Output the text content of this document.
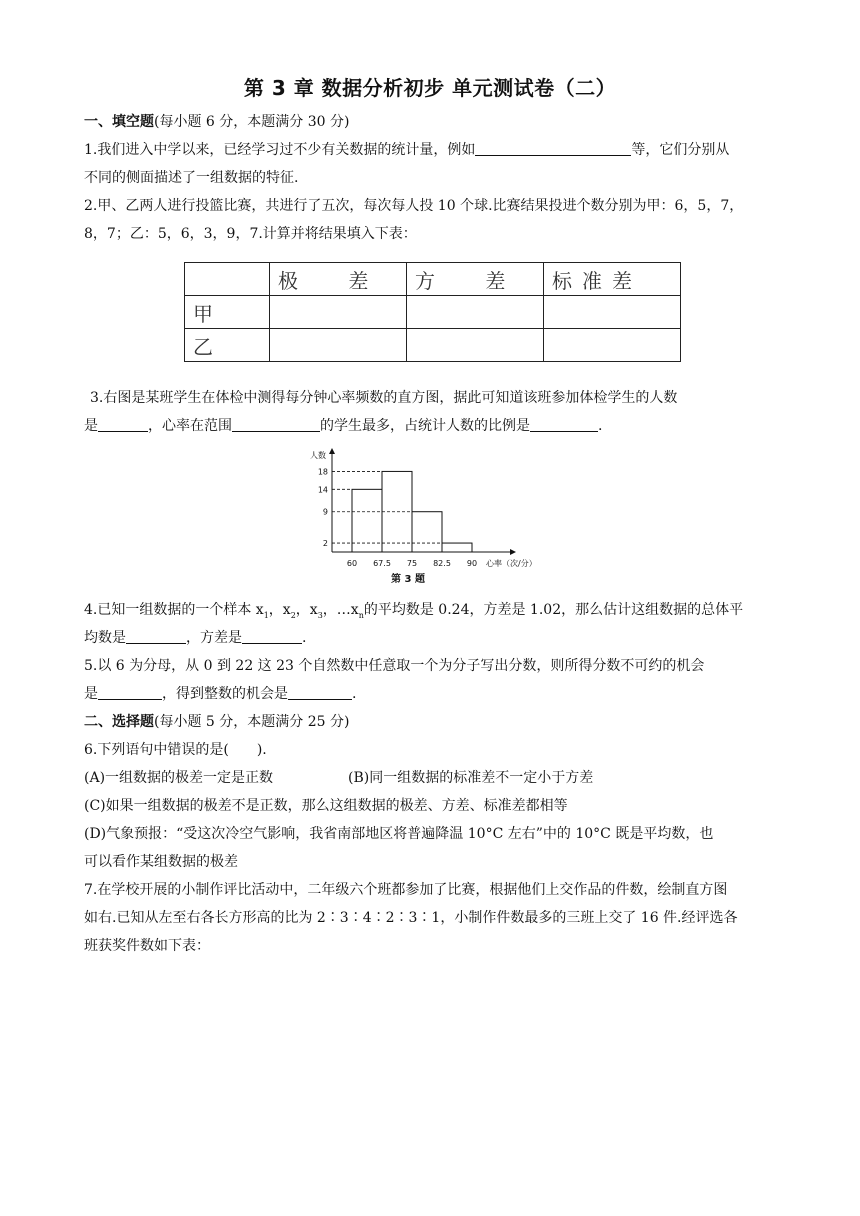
第 3 章 数据分析初步 单元测试卷（二）
一、填空题(每小题 6 分，本题满分 30 分)
1.我们进入中学以来，已经学习过不少有关数据的统计量，例如	等，它们分别从
不同的侧面描述了一组数据的特征.
2.甲、乙两人进行投篮比赛，共进行了五次，每次每人投 10 个球.比赛结果投进个数分别为甲：6，5，7，
8，7；乙：5，6，3，9，7.计算并将结果填入下表：
	极 差	方 差	标准差
甲			
乙			
3.右图是某班学生在体检中测得每分钟心率频数的直方图，据此可知道该班参加体检学生的人数
是	，心率在范围	的学生最多，占统计人数的比例是	.
2
9
14
18
60 67.5 75 82.5 90
人数
心率（次/分）
第 3 题
4.已知一组数据的一个样本 $x_1$，$x_2$，$x_3$，$\dots x_n$的平均数是 0.24，方差是 1.02，那么估计这组数据的总体平
均数是	，方差是	.
5.以 6 为分母，从 0 到 22 这 23 个自然数中任意取一个为分子写出分数，则所得分数不可约的机会
是	，得到整数的机会是	.
二、选择题(每小题 5 分，本题满分 25 分)
6.下列语句中错误的是(　　).
(A)一组数据的极差一定是正数	(B)同一组数据的标准差不一定小于方差
(C)如果一组数据的极差不是正数，那么这组数据的极差、方差、标准差都相等
(D)气象预报：“受这次冷空气影响，我省南部地区将普遍降温 10°C 左右”中的 10°C 既是平均数，也
可以看作某组数据的极差
7.在学校开展的小制作评比活动中，二年级六个班都参加了比赛，根据他们上交作品的件数，绘制直方图
如右.已知从左至右各长方形高的比为 2∶3∶4∶2∶3∶1，小制作件数最多的三班上交了 16 件.经评选各
班获奖件数如下表：
